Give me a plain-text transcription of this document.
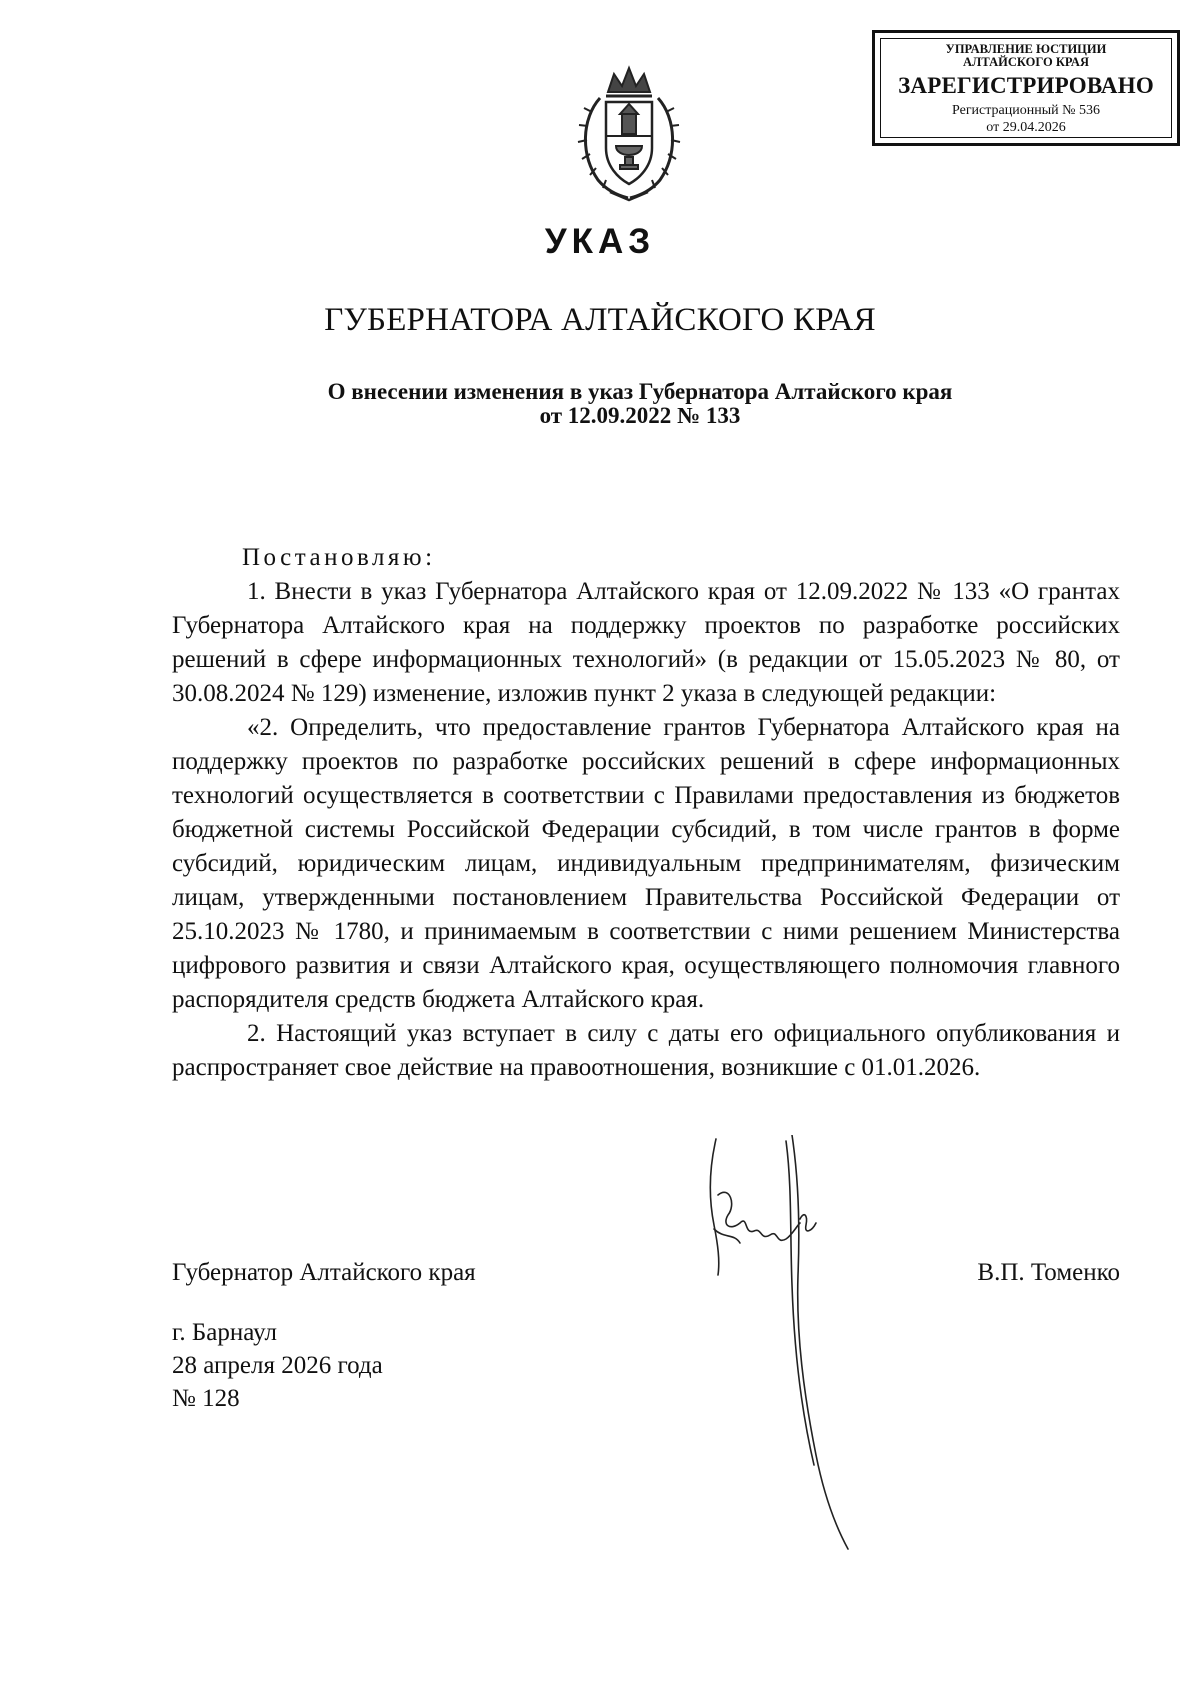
УПРАВЛЕНИЕ ЮСТИЦИИ
АЛТАЙСКОГО КРАЯ
ЗАРЕГИСТРИРОВАНО
Регистрационный № 536
от 29.04.2026
УКАЗ
ГУБЕРНАТОРА АЛТАЙСКОГО КРАЯ
О внесении изменения в указ Губернатора Алтайского края
от 12.09.2022 № 133

Постановляю:

1. Внести в указ Губернатора Алтайского края от 12.09.2022 № 133 «О грантах Губернатора Алтайского края на поддержку проектов по разработке российских решений в сфере информационных технологий» (в редакции от 15.05.2023 № 80, от 30.08.2024 № 129) изменение, изложив пункт 2 указа в следующей редакции:

«2. Определить, что предоставление грантов Губернатора Алтайского края на поддержку проектов по разработке российских решений в сфере информационных технологий осуществляется в соответствии с Правилами предоставления из бюджетов бюджетной системы Российской Федерации субсидий, в том числе грантов в форме субсидий, юридическим лицам, индивидуальным предпринимателям, физическим лицам, утвержденными постановлением Правительства Российской Федерации от 25.10.2023 № 1780, и принимаемым в соответствии с ними решением Министерства цифрового развития и связи Алтайского края, осуществляющего полномочия главного распорядителя средств бюджета Алтайского края.

2. Настоящий указ вступает в силу с даты его официального опубликования и распространяет свое действие на правоотношения, возникшие с 01.01.2026.

Губернатор Алтайского края	В.П. Томенко
г. Барнаул
28 апреля 2026 года
№ 128
